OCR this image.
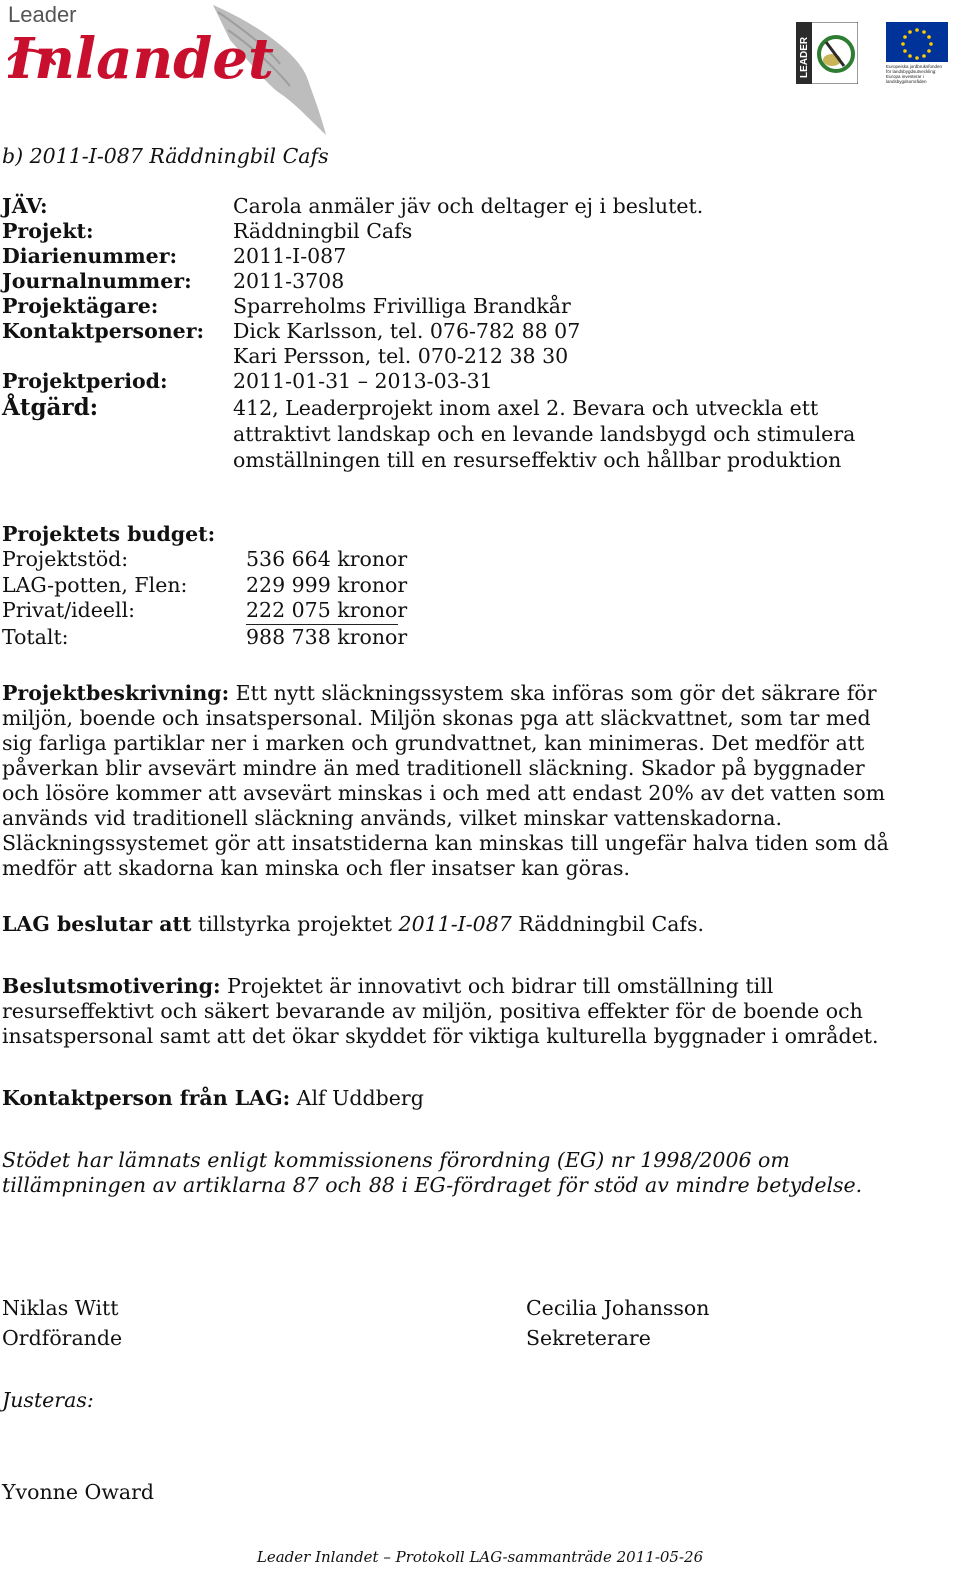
Leader
Inlandet	LEADER	Europeiska jordbruksfonden för landsbygdsutveckling: Europa investerar i landsbygdsområden
b) 2011-I-087 Räddningbil Cafs
JÄV:	Carola anmäler jäv och deltager ej i beslutet.
Projekt:	Räddningbil Cafs
Diarienummer:	2011-I-087
Journalnummer: 2011-3708
Projektägare:	Sparreholms Frivilliga Brandkår
Kontaktpersoner: Dick Karlsson, tel. 076-782 88 07
Kari Persson, tel. 070-212 38 30
Projektperiod:	2011-01-31 – 2013-03-31
Åtgärd:	412, Leaderprojekt inom axel 2. Bevara och utveckla ett
attraktivt landskap och en levande landsbygd och stimulera
omställningen till en resurseffektiv och hållbar produktion
Projektets budget:
Projektstöd:	536 664 kronor
LAG-potten, Flen:	229 999 kronor
Privat/ideell:	222 075 kronor
Totalt:	988 738 kronor
Projektbeskrivning: Ett nytt släckningssystem ska införas som gör det säkrare för miljön, boende och insatspersonal. Miljön skonas pga att släckvattnet, som tar med sig farliga partiklar ner i marken och grundvattnet, kan minimeras. Det medför att påverkan blir avsevärt mindre än med traditionell släckning. Skador på byggnader och lösöre kommer att avsevärt minskas i och med att endast 20% av det vatten som används vid traditionell släckning används, vilket minskar vattenskadorna. Släckningssystemet gör att insatstiderna kan minskas till ungefär halva tiden som då medför att skadorna kan minska och fler insatser kan göras.
LAG beslutar att tillstyrka projektet 2011-I-087 Räddningbil Cafs.
Beslutsmotivering: Projektet är innovativt och bidrar till omställning till resurseffektivt och säkert bevarande av miljön, positiva effekter för de boende och insatspersonal samt att det ökar skyddet för viktiga kulturella byggnader i området.
Kontaktperson från LAG: Alf Uddberg
Stödet har lämnats enligt kommissionens förordning (EG) nr 1998/2006 om tillämpningen av artiklarna 87 och 88 i EG-fördraget för stöd av mindre betydelse.
Niklas Witt
Ordförande
Cecilia Johansson
Sekreterare
Justeras:
Yvonne Oward
Leader Inlandet – Protokoll LAG-sammanträde 2011-05-26
